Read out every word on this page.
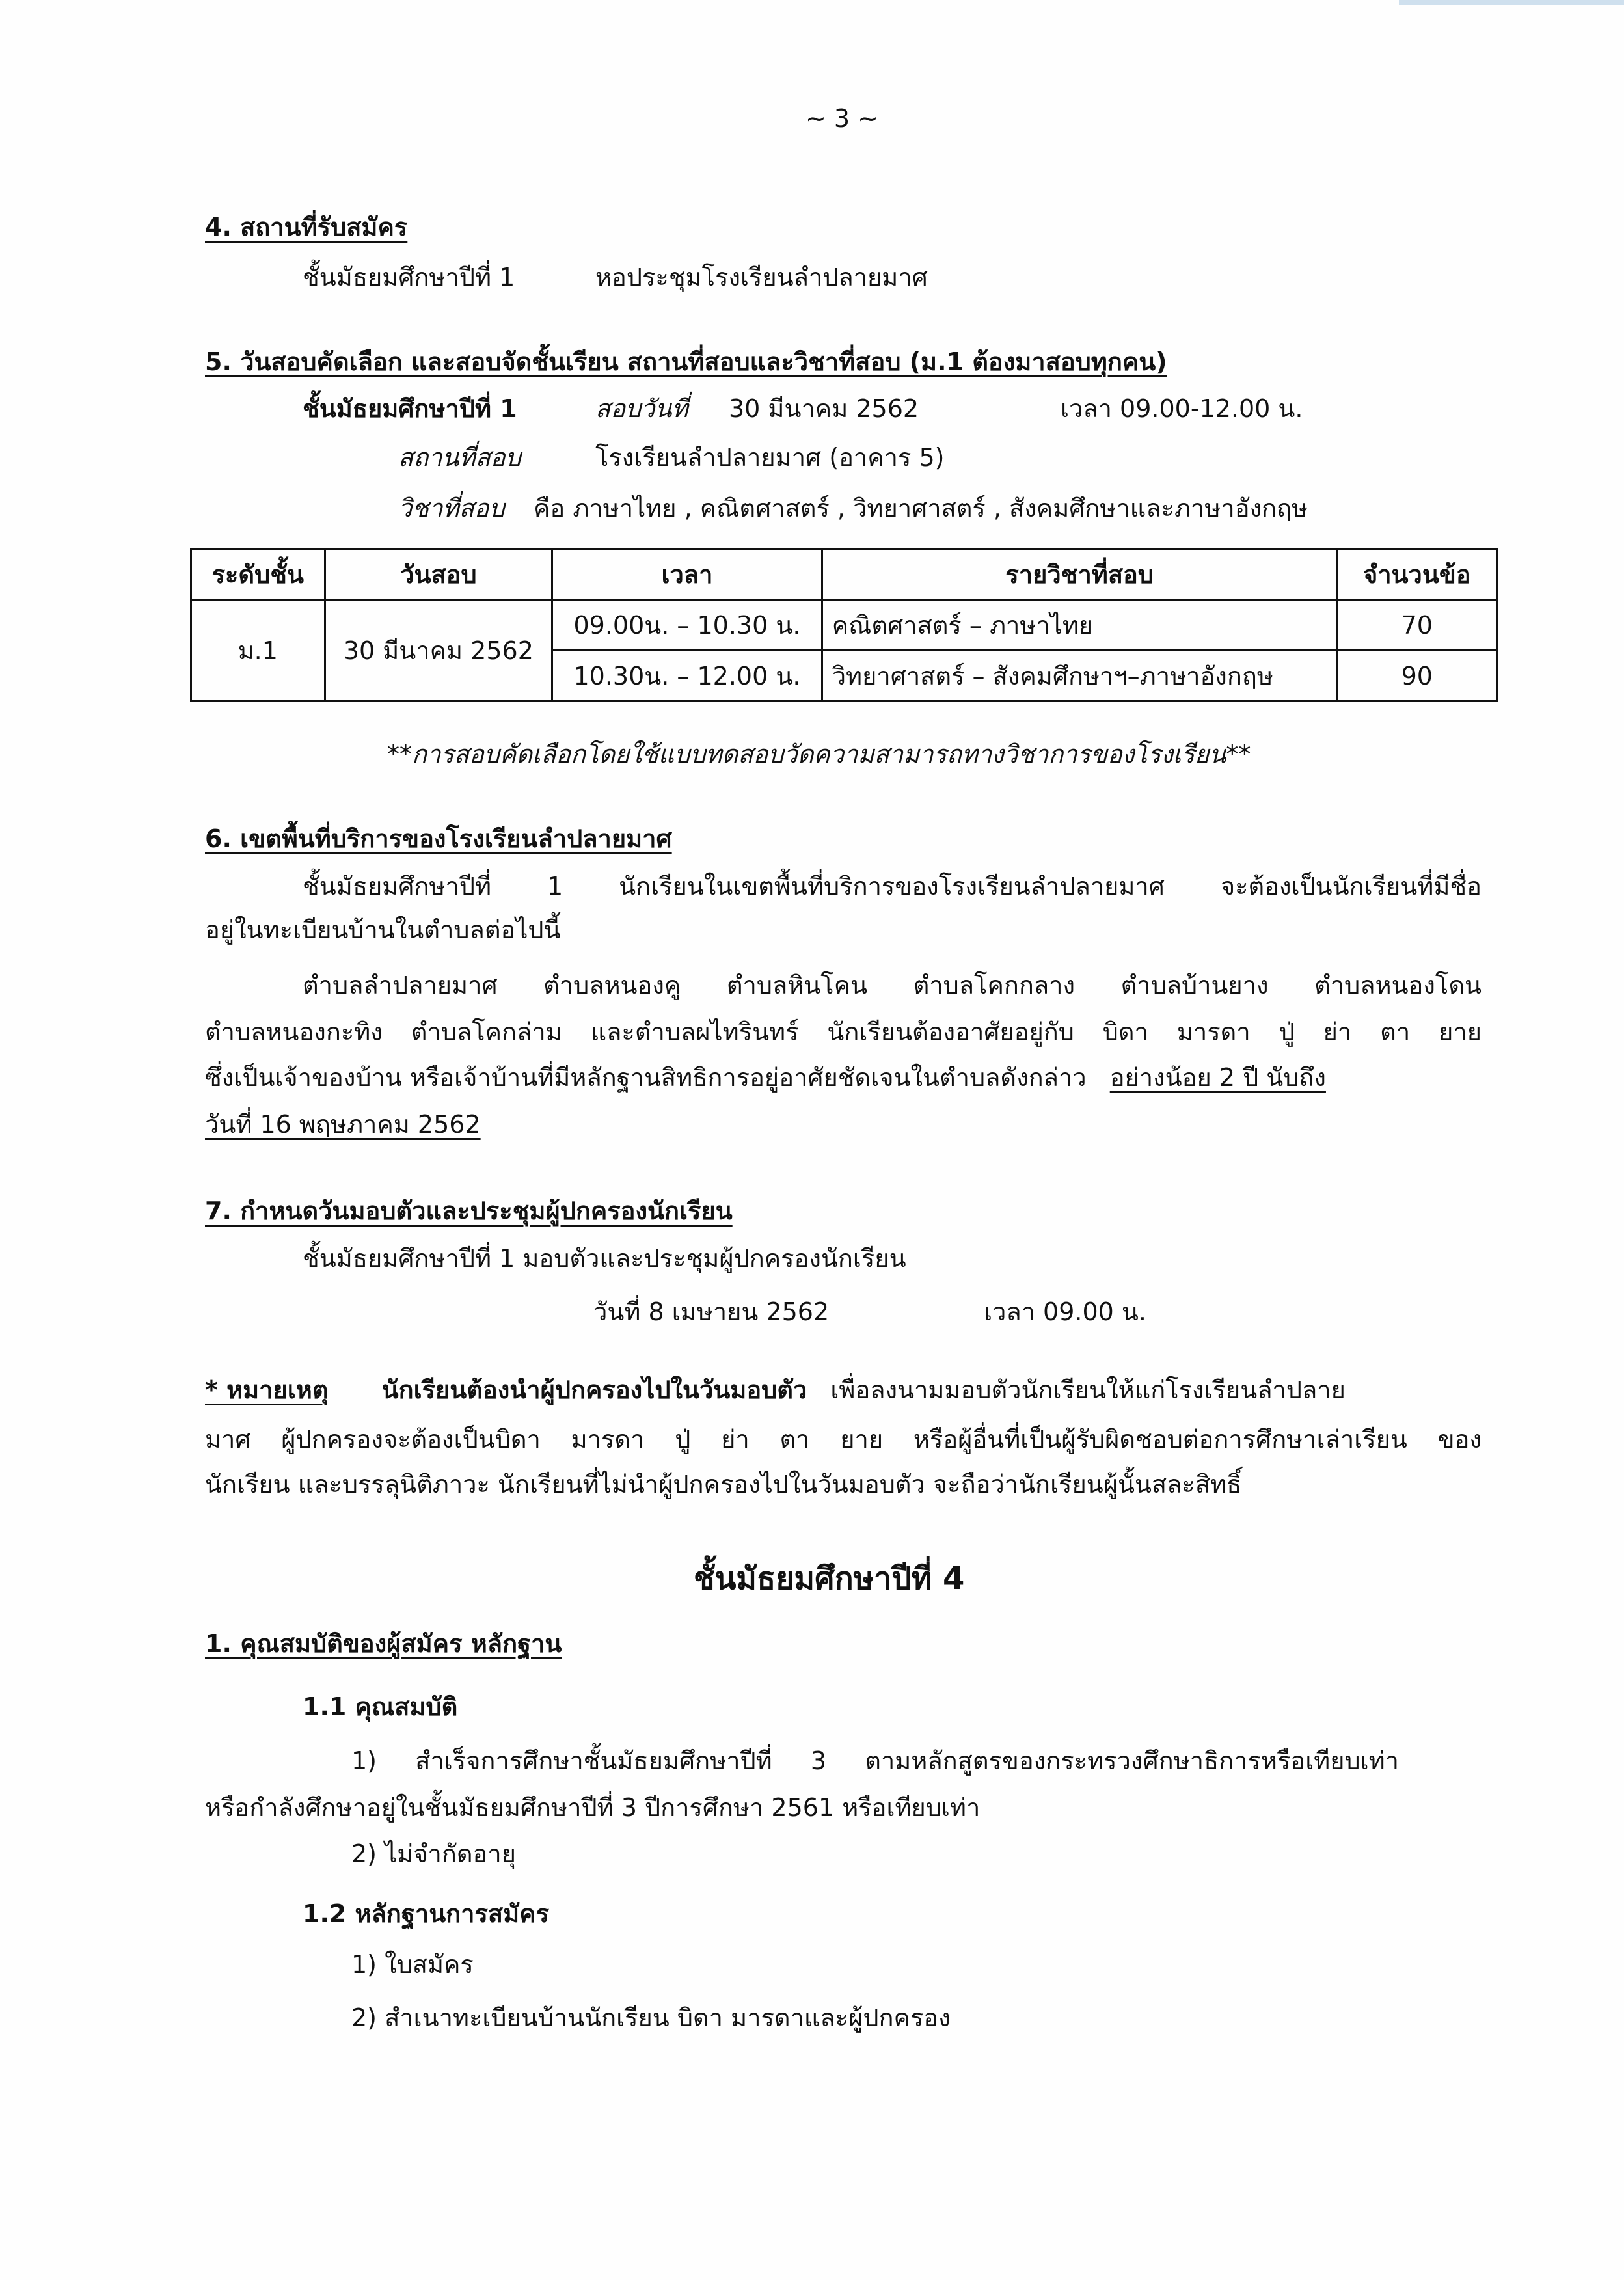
~ 3 ~
4. สถานที่รับสมัคร
ชั้นมัธยมศึกษาปีที่ 1	หอประชุมโรงเรียนลำปลายมาศ
5. วันสอบคัดเลือก และสอบจัดชั้นเรียน สถานที่สอบและวิชาที่สอบ (ม.1 ต้องมาสอบทุกคน)
ชั้นมัธยมศึกษาปีที่ 1	สอบวันที่ 30 มีนาคม 2562	เวลา 09.00-12.00 น.
สถานที่สอบ	โรงเรียนลำปลายมาศ (อาคาร 5)
วิชาที่สอบ คือ ภาษาไทย , คณิตศาสตร์ , วิทยาศาสตร์ , สังคมศึกษาและภาษาอังกฤษ
ระดับชั้น	วันสอบ	เวลา	รายวิชาที่สอบ	จำนวนข้อ
ม.1	30 มีนาคม 2562	09.00น. – 10.30 น.	คณิตศาสตร์ – ภาษาไทย	70
		10.30น. – 12.00 น.	วิทยาศาสตร์ – สังคมศึกษาฯ–ภาษาอังกฤษ	90
**การสอบคัดเลือกโดยใช้แบบทดสอบวัดความสามารถทางวิชาการของโรงเรียน**
6. เขตพื้นที่บริการของโรงเรียนลำปลายมาศ
ชั้นมัธยมศึกษาปีที่ 1 นักเรียนในเขตพื้นที่บริการของโรงเรียนลำปลายมาศ จะต้องเป็นนักเรียนที่มีชื่อ
อยู่ในทะเบียนบ้านในตำบลต่อไปนี้
ตำบลลำปลายมาศ ตำบลหนองคู ตำบลหินโคน ตำบลโคกกลาง ตำบลบ้านยาง ตำบลหนองโดน
ตำบลหนองกะทิง ตำบลโคกล่าม และตำบลผไทรินทร์ นักเรียนต้องอาศัยอยู่กับ บิดา มารดา ปู่ ย่า ตา ยาย
ซึ่งเป็นเจ้าของบ้าน หรือเจ้าบ้านที่มีหลักฐานสิทธิการอยู่อาศัยชัดเจนในตำบลดังกล่าว อย่างน้อย 2 ปี นับถึง
วันที่ 16 พฤษภาคม 2562
7. กำหนดวันมอบตัวและประชุมผู้ปกครองนักเรียน
ชั้นมัธยมศึกษาปีที่ 1 มอบตัวและประชุมผู้ปกครองนักเรียน
วันที่ 8 เมษายน 2562	เวลา 09.00 น.
* หมายเหตุ นักเรียนต้องนำผู้ปกครองไปในวันมอบตัว เพื่อลงนามมอบตัวนักเรียนให้แก่โรงเรียนลำปลาย
มาศ ผู้ปกครองจะต้องเป็นบิดา มารดา ปู่ ย่า ตา ยาย หรือผู้อื่นที่เป็นผู้รับผิดชอบต่อการศึกษาเล่าเรียน ของ
นักเรียน และบรรลุนิติภาวะ นักเรียนที่ไม่นำผู้ปกครองไปในวันมอบตัว จะถือว่านักเรียนผู้นั้นสละสิทธิ์
ชั้นมัธยมศึกษาปีที่ 4
1. คุณสมบัติของผู้สมัคร หลักฐาน
1.1 คุณสมบัติ
1) สำเร็จการศึกษาชั้นมัธยมศึกษาปีที่ 3 ตามหลักสูตรของกระทรวงศึกษาธิการหรือเทียบเท่า
หรือกำลังศึกษาอยู่ในชั้นมัธยมศึกษาปีที่ 3 ปีการศึกษา 2561 หรือเทียบเท่า
2) ไม่จำกัดอายุ
1.2 หลักฐานการสมัคร
1) ใบสมัคร
2) สำเนาทะเบียนบ้านนักเรียน บิดา มารดาและผู้ปกครอง
